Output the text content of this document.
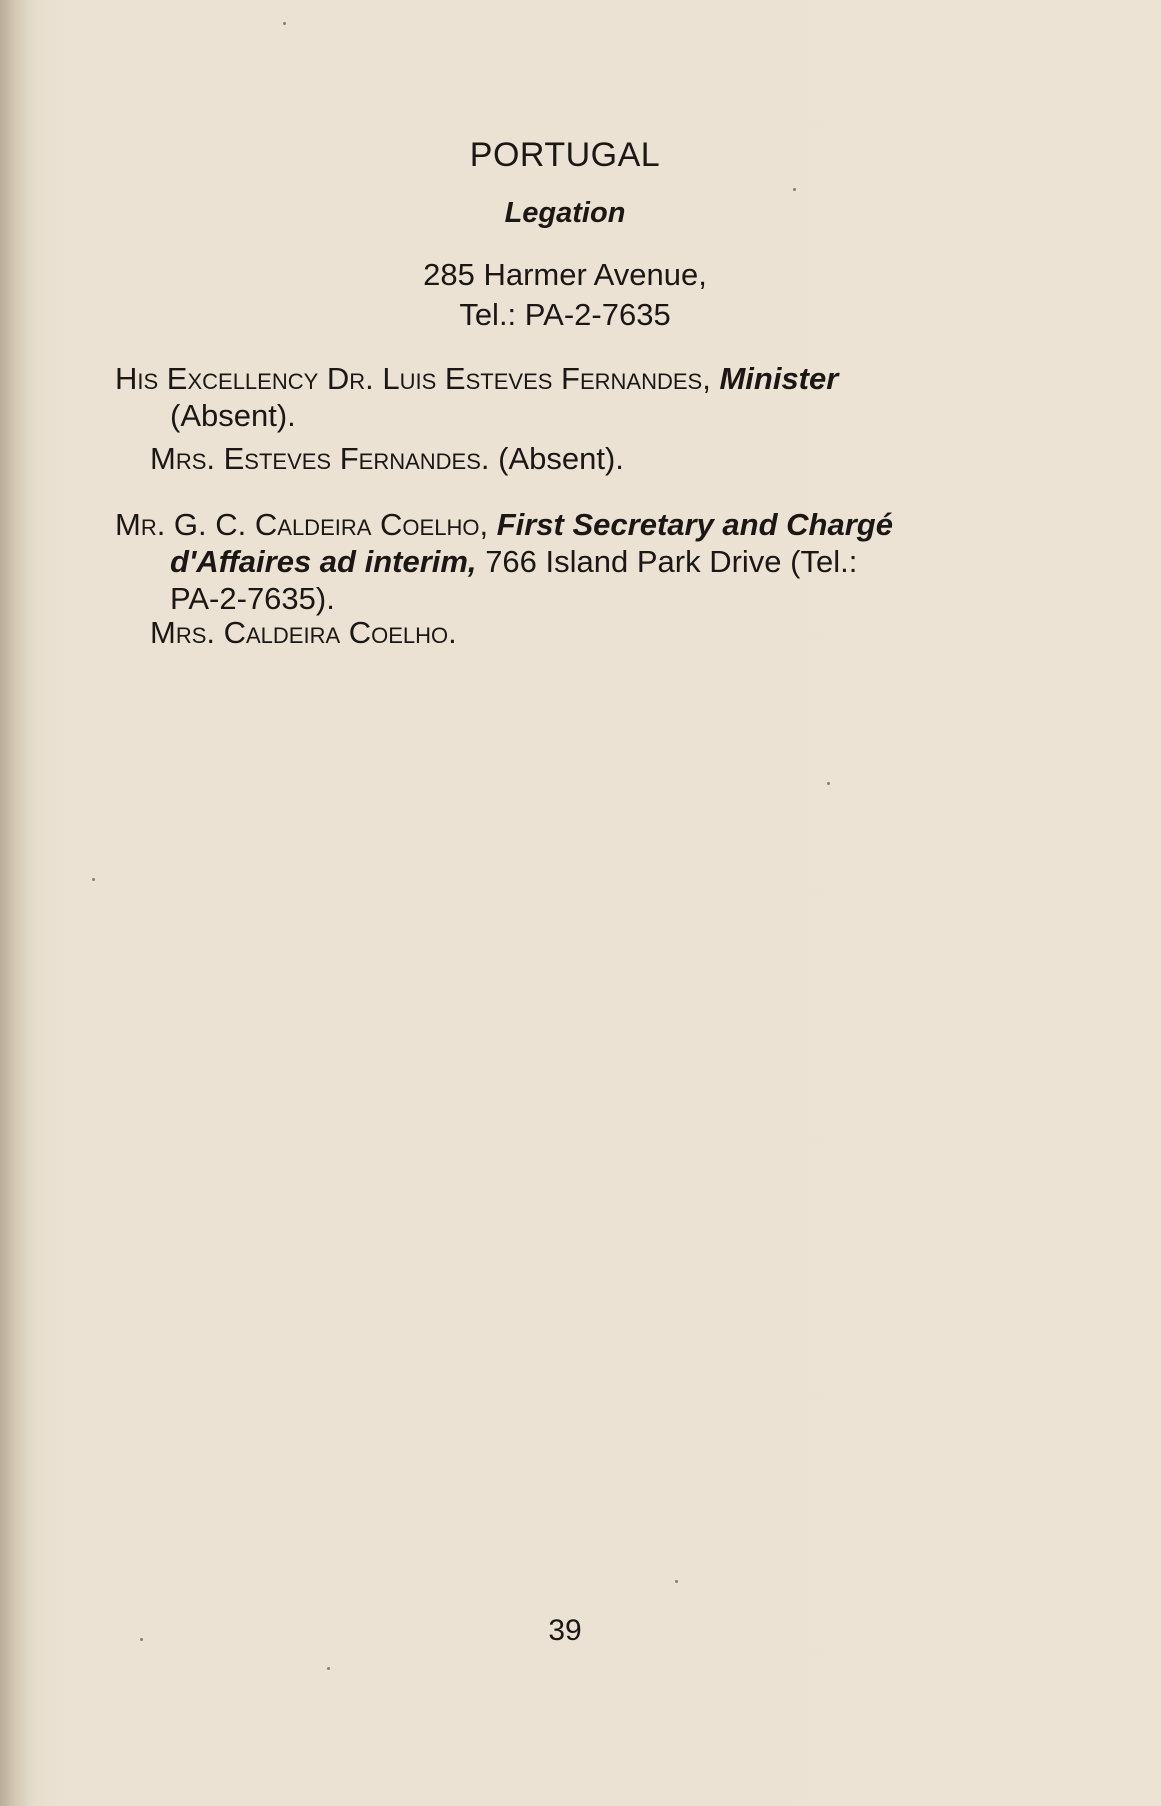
PORTUGAL
Legation
285 Harmer Avenue,
Tel.: PA-2-7635
His Excellency Dr. Luis Esteves Fernandes, Minister
(Absent).
Mrs. Esteves Fernandes. (Absent).
Mr. G. C. Caldeira Coelho, First Secretary and Chargé
d'Affaires ad interim, 766 Island Park Drive (Tel.:
PA-2-7635).
Mrs. Caldeira Coelho.
39
